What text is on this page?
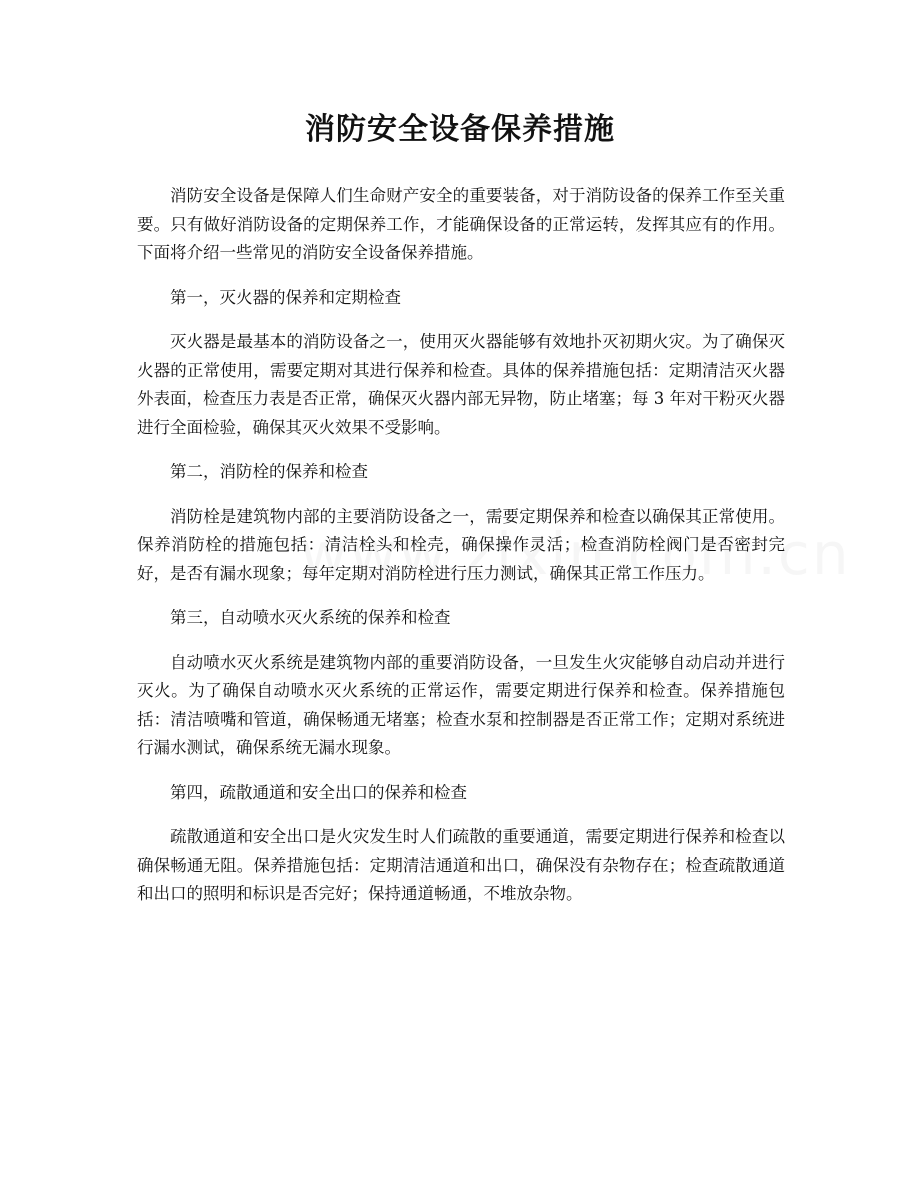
消防安全设备保养措施

消防安全设备是保障人们生命财产安全的重要装备，对于消防设备的保养工作至关重要。只有做好消防设备的定期保养工作，才能确保设备的正常运转，发挥其应有的作用。下面将介绍一些常见的消防安全设备保养措施。

第一，灭火器的保养和定期检查

灭火器是最基本的消防设备之一，使用灭火器能够有效地扑灭初期火灾。为了确保灭火器的正常使用，需要定期对其进行保养和检查。具体的保养措施包括：定期清洁灭火器外表面，检查压力表是否正常，确保灭火器内部无异物，防止堵塞；每 3 年对干粉灭火器进行全面检验，确保其灭火效果不受影响。

第二，消防栓的保养和检查

消防栓是建筑物内部的主要消防设备之一，需要定期保养和检查以确保其正常使用。保养消防栓的措施包括：清洁栓头和栓壳，确保操作灵活；检查消防栓阀门是否密封完好，是否有漏水现象；每年定期对消防栓进行压力测试，确保其正常工作压力。

第三，自动喷水灭火系统的保养和检查

自动喷水灭火系统是建筑物内部的重要消防设备，一旦发生火灾能够自动启动并进行灭火。为了确保自动喷水灭火系统的正常运作，需要定期进行保养和检查。保养措施包括：清洁喷嘴和管道，确保畅通无堵塞；检查水泵和控制器是否正常工作；定期对系统进行漏水测试，确保系统无漏水现象。

第四，疏散通道和安全出口的保养和检查

疏散通道和安全出口是火灾发生时人们疏散的重要通道，需要定期进行保养和检查以确保畅通无阻。保养措施包括：定期清洁通道和出口，确保没有杂物存在；检查疏散通道和出口的照明和标识是否完好；保持通道畅通，不堆放杂物。
